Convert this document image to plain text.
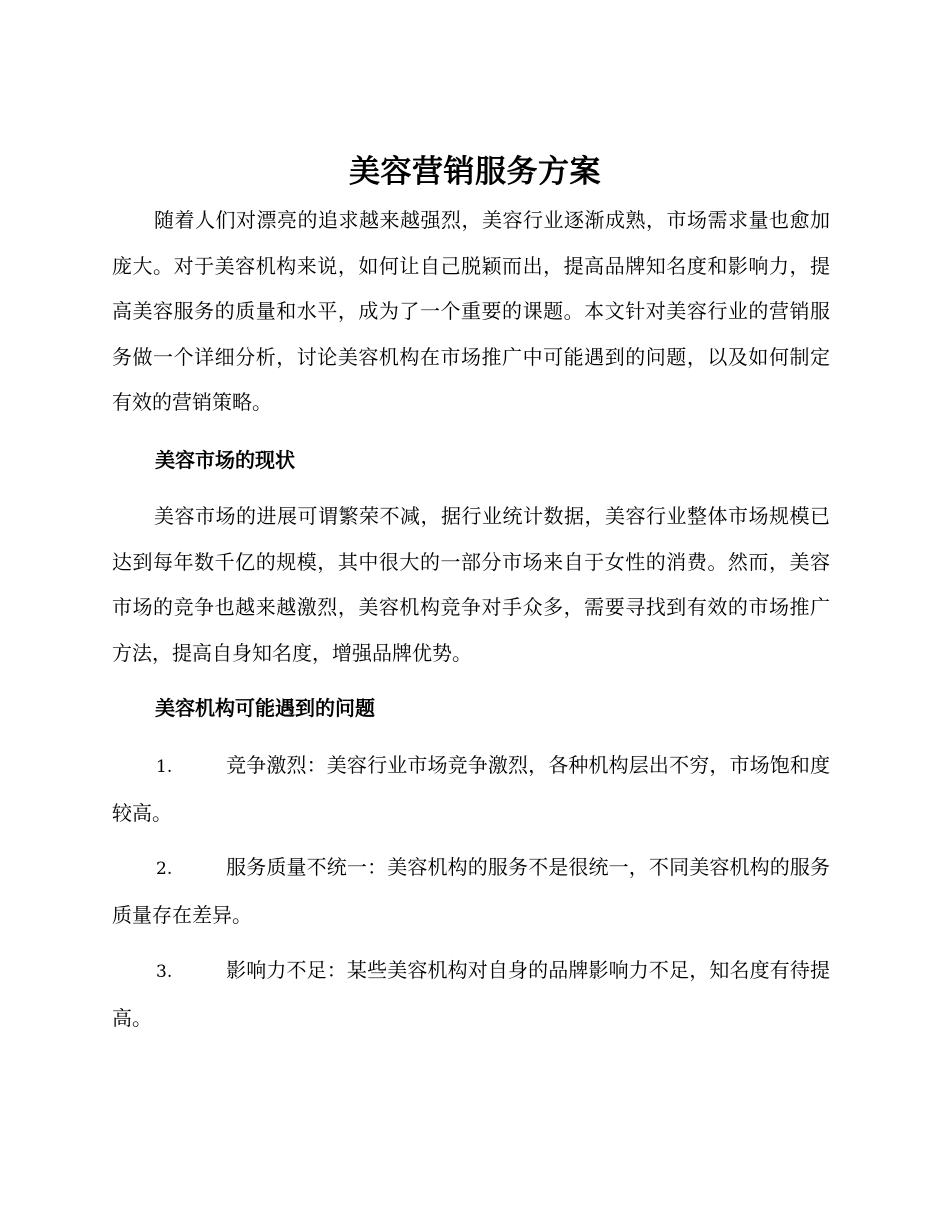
美容营销服务方案

随着人们对漂亮的追求越来越强烈，美容行业逐渐成熟，市场需求量也愈加庞大。对于美容机构来说，如何让自己脱颖而出，提高品牌知名度和影响力，提高美容服务的质量和水平，成为了一个重要的课题。本文针对美容行业的营销服务做一个详细分析，讨论美容机构在市场推广中可能遇到的问题，以及如何制定有效的营销策略。

美容市场的现状

美容市场的进展可谓繁荣不减，据行业统计数据，美容行业整体市场规模已达到每年数千亿的规模，其中很大的一部分市场来自于女性的消费。然而，美容市场的竞争也越来越激烈，美容机构竞争对手众多，需要寻找到有效的市场推广方法，提高自身知名度，增强品牌优势。

美容机构可能遇到的问题

1.	竞争激烈：美容行业市场竞争激烈，各种机构层出不穷，市场饱和度较高。

2.	服务质量不统一：美容机构的服务不是很统一，不同美容机构的服务质量存在差异。

3.	影响力不足：某些美容机构对自身的品牌影响力不足，知名度有待提高。
